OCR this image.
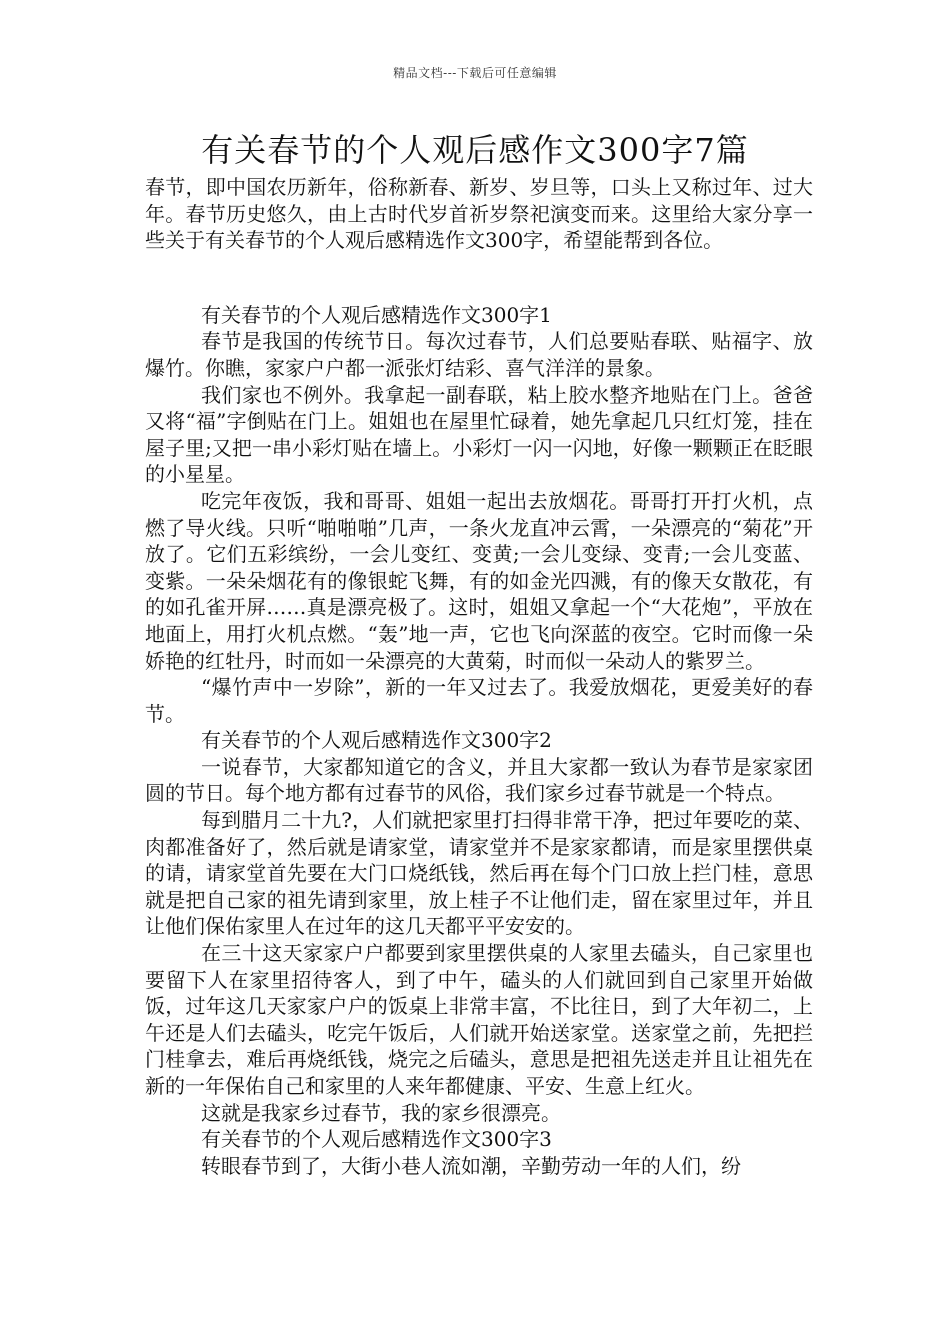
精品文档---下载后可任意编辑
有关春节的个人观后感作文300字7篇

春节，即中国农历新年，俗称新春、新岁、岁旦等，口头上又称过年、过大年。春节历史悠久，由上古时代岁首祈岁祭祀演变而来。这里给大家分享一些关于有关春节的个人观后感精选作文300字，希望能帮到各位。

有关春节的个人观后感精选作文300字1

春节是我国的传统节日。每次过春节，人们总要贴春联、贴福字、放爆竹。你瞧，家家户户都一派张灯结彩、喜气洋洋的景象。

我们家也不例外。我拿起一副春联，粘上胶水整齐地贴在门上。爸爸又将“福”字倒贴在门上。姐姐也在屋里忙碌着，她先拿起几只红灯笼，挂在屋子里;又把一串小彩灯贴在墙上。小彩灯一闪一闪地，好像一颗颗正在眨眼的小星星。

吃完年夜饭，我和哥哥、姐姐一起出去放烟花。哥哥打开打火机，点燃了导火线。只听“啪啪啪”几声，一条火龙直冲云霄，一朵漂亮的“菊花”开放了。它们五彩缤纷，一会儿变红、变黄;一会儿变绿、变青;一会儿变蓝、变紫。一朵朵烟花有的像银蛇飞舞，有的如金光四溅，有的像天女散花，有的如孔雀开屏……真是漂亮极了。这时，姐姐又拿起一个“大花炮”，平放在地面上，用打火机点燃。“轰”地一声，它也飞向深蓝的夜空。它时而像一朵娇艳的红牡丹，时而如一朵漂亮的大黄菊，时而似一朵动人的紫罗兰。

“爆竹声中一岁除”，新的一年又过去了。我爱放烟花，更爱美好的春节。

有关春节的个人观后感精选作文300字2

一说春节，大家都知道它的含义，并且大家都一致认为春节是家家团圆的节日。每个地方都有过春节的风俗，我们家乡过春节就是一个特点。

每到腊月二十九?，人们就把家里打扫得非常干净，把过年要吃的菜、肉都准备好了，然后就是请家堂，请家堂并不是家家都请，而是家里摆供桌的请，请家堂首先要在大门口烧纸钱，然后再在每个门口放上拦门桂，意思就是把自己家的祖先请到家里，放上桂子不让他们走，留在家里过年，并且让他们保佑家里人在过年的这几天都平平安安的。

在三十这天家家户户都要到家里摆供桌的人家里去磕头，自己家里也要留下人在家里招待客人，到了中午，磕头的人们就回到自己家里开始做饭，过年这几天家家户户的饭桌上非常丰富，不比往日，到了大年初二，上午还是人们去磕头，吃完午饭后，人们就开始送家堂。送家堂之前，先把拦门桂拿去，难后再烧纸钱，烧完之后磕头，意思是把祖先送走并且让祖先在新的一年保佑自己和家里的人来年都健康、平安、生意上红火。

这就是我家乡过春节，我的家乡很漂亮。

有关春节的个人观后感精选作文300字3

转眼春节到了，大街小巷人流如潮，辛勤劳动一年的人们，纷
